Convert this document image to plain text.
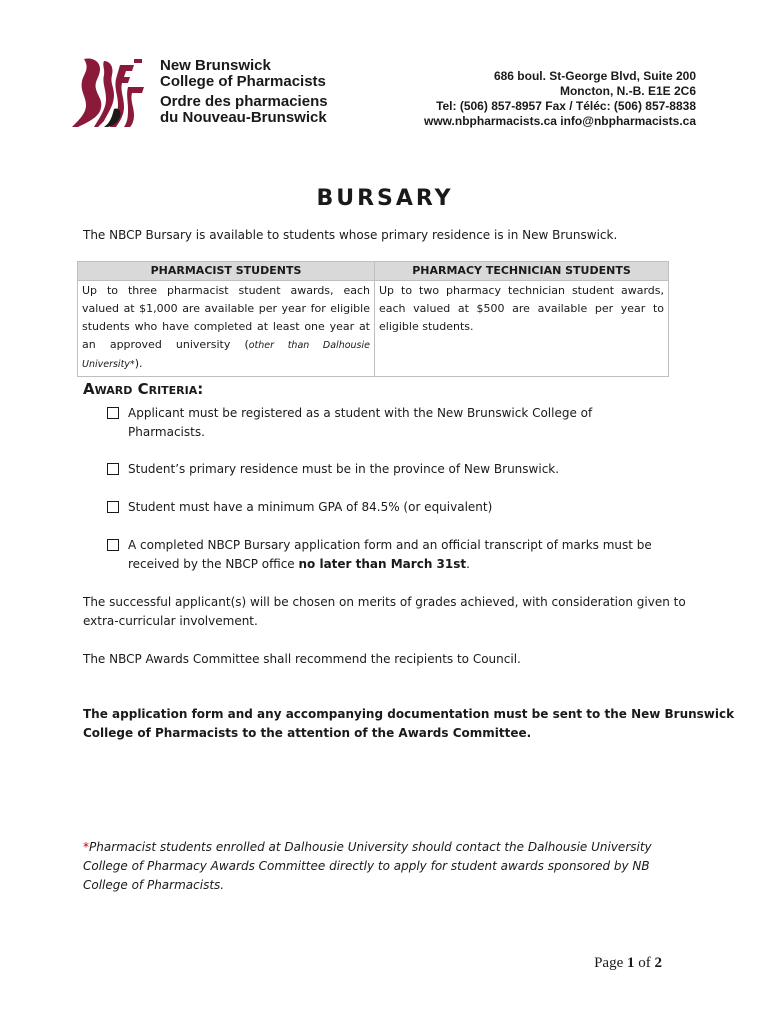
New Brunswick
College of Pharmacists
Ordre des pharmaciens
du Nouveau-Brunswick
686 boul. St-George Blvd, Suite 200
Moncton, N.-B. E1E 2C6
Tel: (506) 857-8957 Fax / Téléc: (506) 857-8838
www.nbpharmacists.ca info@nbpharmacists.ca
BURSARY
The NBCP Bursary is available to students whose primary residence is in New Brunswick.
PHARMACIST STUDENTS	PHARMACY TECHNICIAN STUDENTS
Up to three pharmacist student awards, each valued at $1,000 are available per year for eligible students who have completed at least one year at an approved university (other than Dalhousie University*).	Up to two pharmacy technician student awards, each valued at $500 are available per year to eligible students.
Award Criteria:
Applicant must be registered as a student with the New Brunswick College of Pharmacists.
Student’s primary residence must be in the province of New Brunswick.
Student must have a minimum GPA of 84.5% (or equivalent)
A completed NBCP Bursary application form and an official transcript of marks must be received by the NBCP office no later than March 31st.
The successful applicant(s) will be chosen on merits of grades achieved, with consideration given to extra-curricular involvement.
The NBCP Awards Committee shall recommend the recipients to Council.
The application form and any accompanying documentation must be sent to the New Brunswick College of Pharmacists to the attention of the Awards Committee.
*Pharmacist students enrolled at Dalhousie University should contact the Dalhousie University College of Pharmacy Awards Committee directly to apply for student awards sponsored by NB College of Pharmacists.
Page 1 of 2
